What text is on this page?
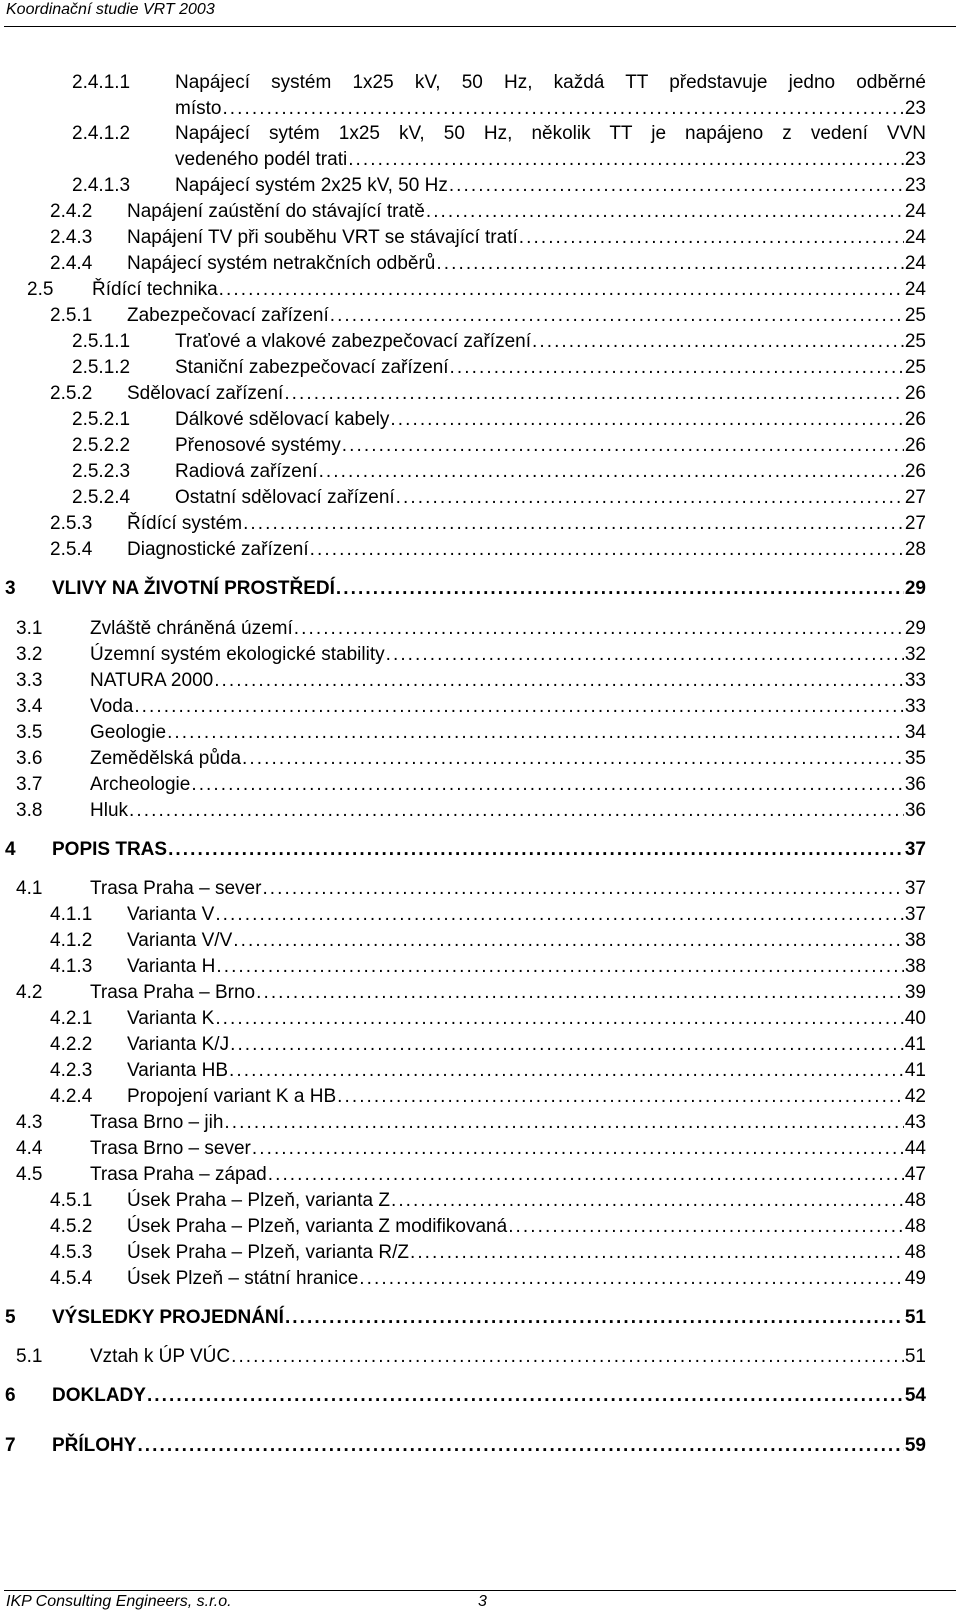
Koordinační studie VRT 2003
2.4.1.1 Napájecí systém 1x25 kV, 50 Hz, každá TT představuje jedno odběrné
místo . . .	23
2.4.1.2 Napájecí sytém 1x25 kV, 50 Hz, několik TT je napájeno z vedení VVN
vedeného podél trati . . .	23
2.4.1.3	Napájecí systém 2x25 kV, 50 Hz . . .	23
2.4.2	Napájení zaústění do stávající tratě . . .	24
2.4.3	Napájení TV při souběhu VRT se stávající tratí . . .	24
2.4.4	Napájecí systém netrakčních odběrů . . .	24
2.5	Řídící technika . . .	24
2.5.1	Zabezpečovací zařízení . . .	25
2.5.1.1	Traťové a vlakové zabezpečovací zařízení . . .	25
2.5.1.2	Staniční zabezpečovací zařízení . . .	25
2.5.2	Sdělovací zařízení . . .	26
2.5.2.1	Dálkové sdělovací kabely . . .	26
2.5.2.2	Přenosové systémy . . .	26
2.5.2.3	Radiová zařízení . . .	26
2.5.2.4	Ostatní sdělovací zařízení . . .	27
2.5.3	Řídící systém . . .	27
2.5.4	Diagnostické zařízení . . .	28
3	VLIVY NA ŽIVOTNÍ PROSTŘEDÍ . . .	29
3.1	Zvláště chráněná území . . .	29
3.2	Územní systém ekologické stability . . .	32
3.3	NATURA 2000 . . .	33
3.4	Voda . . .	33
3.5	Geologie . . .	34
3.6	Zemědělská půda . . .	35
3.7	Archeologie . . .	36
3.8	Hluk . . .	36
4	POPIS TRAS . . .	37
4.1	Trasa Praha – sever . . .	37
4.1.1	Varianta V . . .	37
4.1.2	Varianta V/V . . .	38
4.1.3	Varianta H . . .	38
4.2	Trasa Praha – Brno . . .	39
4.2.1	Varianta K . . .	40
4.2.2	Varianta K/J . . .	41
4.2.3	Varianta HB . . .	41
4.2.4	Propojení variant K a HB . . .	42
4.3	Trasa Brno – jih . . .	43
4.4	Trasa Brno – sever . . .	44
4.5	Trasa Praha – západ . . .	47
4.5.1	Úsek Praha – Plzeň, varianta Z . . .	48
4.5.2	Úsek Praha – Plzeň, varianta Z modifikovaná . . .	48
4.5.3	Úsek Praha – Plzeň, varianta R/Z . . .	48
4.5.4	Úsek Plzeň – státní hranice . . .	49
5	VÝSLEDKY PROJEDNÁNÍ . . .	51
5.1	Vztah k ÚP VÚC . . .	51
6	DOKLADY . . .	54
7	PŘÍLOHY . . .	59
IKP Consulting Engineers, s.r.o.	3
